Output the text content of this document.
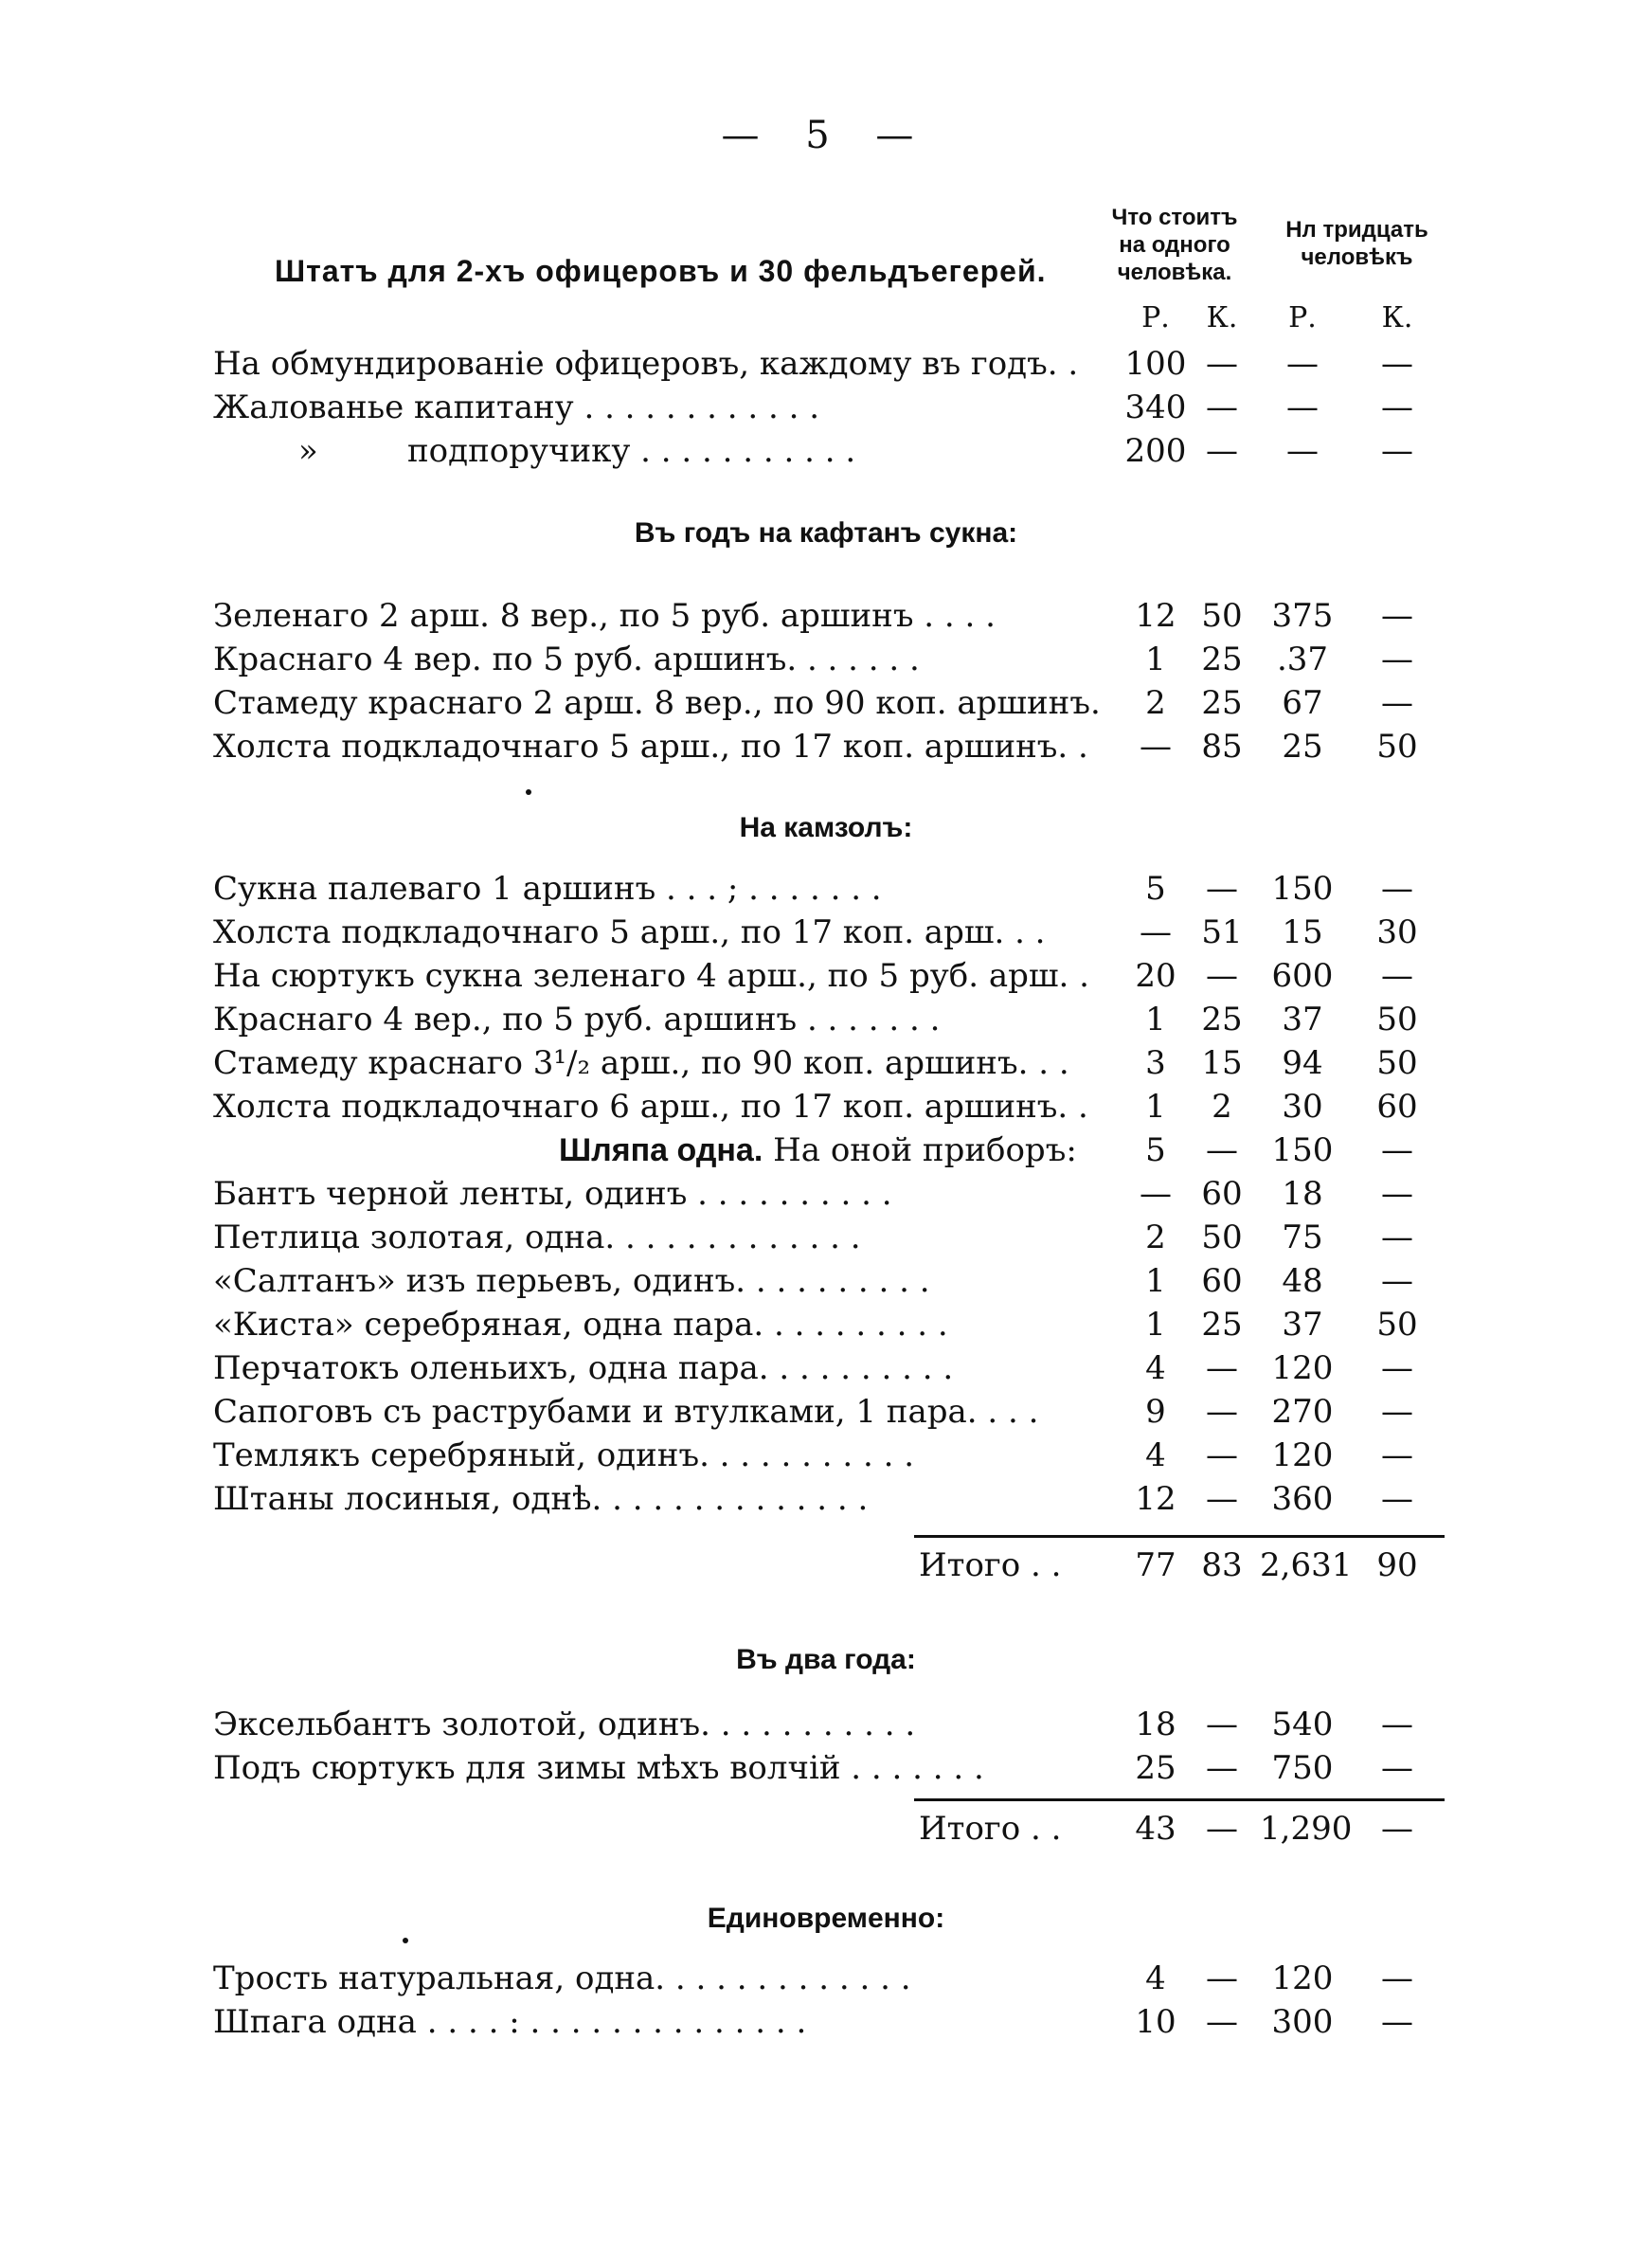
— 5 —
Штатъ для 2-хъ офицеровъ и 30 фельдъегерей.
Что стоитъ
на одного
человѣка.
Нл тридцать
человѣкъ
Р.	К.	Р.	К.
На обмундированіе офицеровъ, каждому въ годъ. .	100 —	—	—
Жалованье капитану . . . . . . . . . . . .	340 —	—	—
»	подпоручику . . . . . . . . . . .	200 —	—	—
Въ годъ на кафтанъ сукна:
Зеленаго 2 арш. 8 вер., по 5 руб. аршинъ . . . .	12 50 375	—
Краснаго 4 вер. по 5 руб. аршинъ. . . . . . .	1	25	.37	—
Стамеду краснаго 2 арш. 8 вер., по 90 коп. аршинъ.	2	25	67	—
Холста подкладочнаго 5 арш., по 17 коп. аршинъ. .	— 85	25	50
На камзолъ:
Сукна палеваго 1 аршинъ . . . ; . . . . . . .	5	—	150	—
Холста подкладочнаго 5 арш., по 17 коп. арш. . .	— 51	15	30
На сюртукъ сукна зеленаго 4 арш., по 5 руб. арш. .	20 —	600	—
Краснаго 4 вер., по 5 руб. аршинъ . . . . . . .	1	25	37	50
Стамеду краснаго 3¹/₂ арш., по 90 коп. аршинъ. . .	3	15	94	50
Холста подкладочнаго 6 арш., по 17 коп. аршинъ. .	1	2	30	60
Шляпа одна. На оной приборъ:	5	—	150	—
Бантъ черной ленты, одинъ . . . . . . . . . .	— 60	18	—
Петлица золотая, одна. . . . . . . . . . . . .	2	50	75	—
«Салтанъ» изъ перьевъ, одинъ. . . . . . . . . .	1	60	48	—
«Киста» серебряная, одна пара. . . . . . . . . .	1	25	37	50
Перчатокъ оленьихъ, одна пара. . . . . . . . . .	4	—	120	—
Сапоговъ съ раструбами и втулками, 1 пара. . . .	9	—	270	—
Темлякъ серебряный, одинъ. . . . . . . . . . .	4	—	120	—
Штаны лосиныя, однѣ. . . . . . . . . . . . . .	12 —	360	—
Итого . .	77 83 2,631 90
Въ два года:
Эксельбантъ золотой, одинъ. . . . . . . . . . .	18 —	540	—
Подъ сюртукъ для зимы мѣхъ волчій . . . . . . .	25 —	750	—
Итого . .	43 — 1,290 —
Единовременно:
Трость натуральная, одна. . . . . . . . . . . . .	4	—	120	—
Шпага одна . . . . : . . . . . . . . . . . . . .	10 —	300	—
